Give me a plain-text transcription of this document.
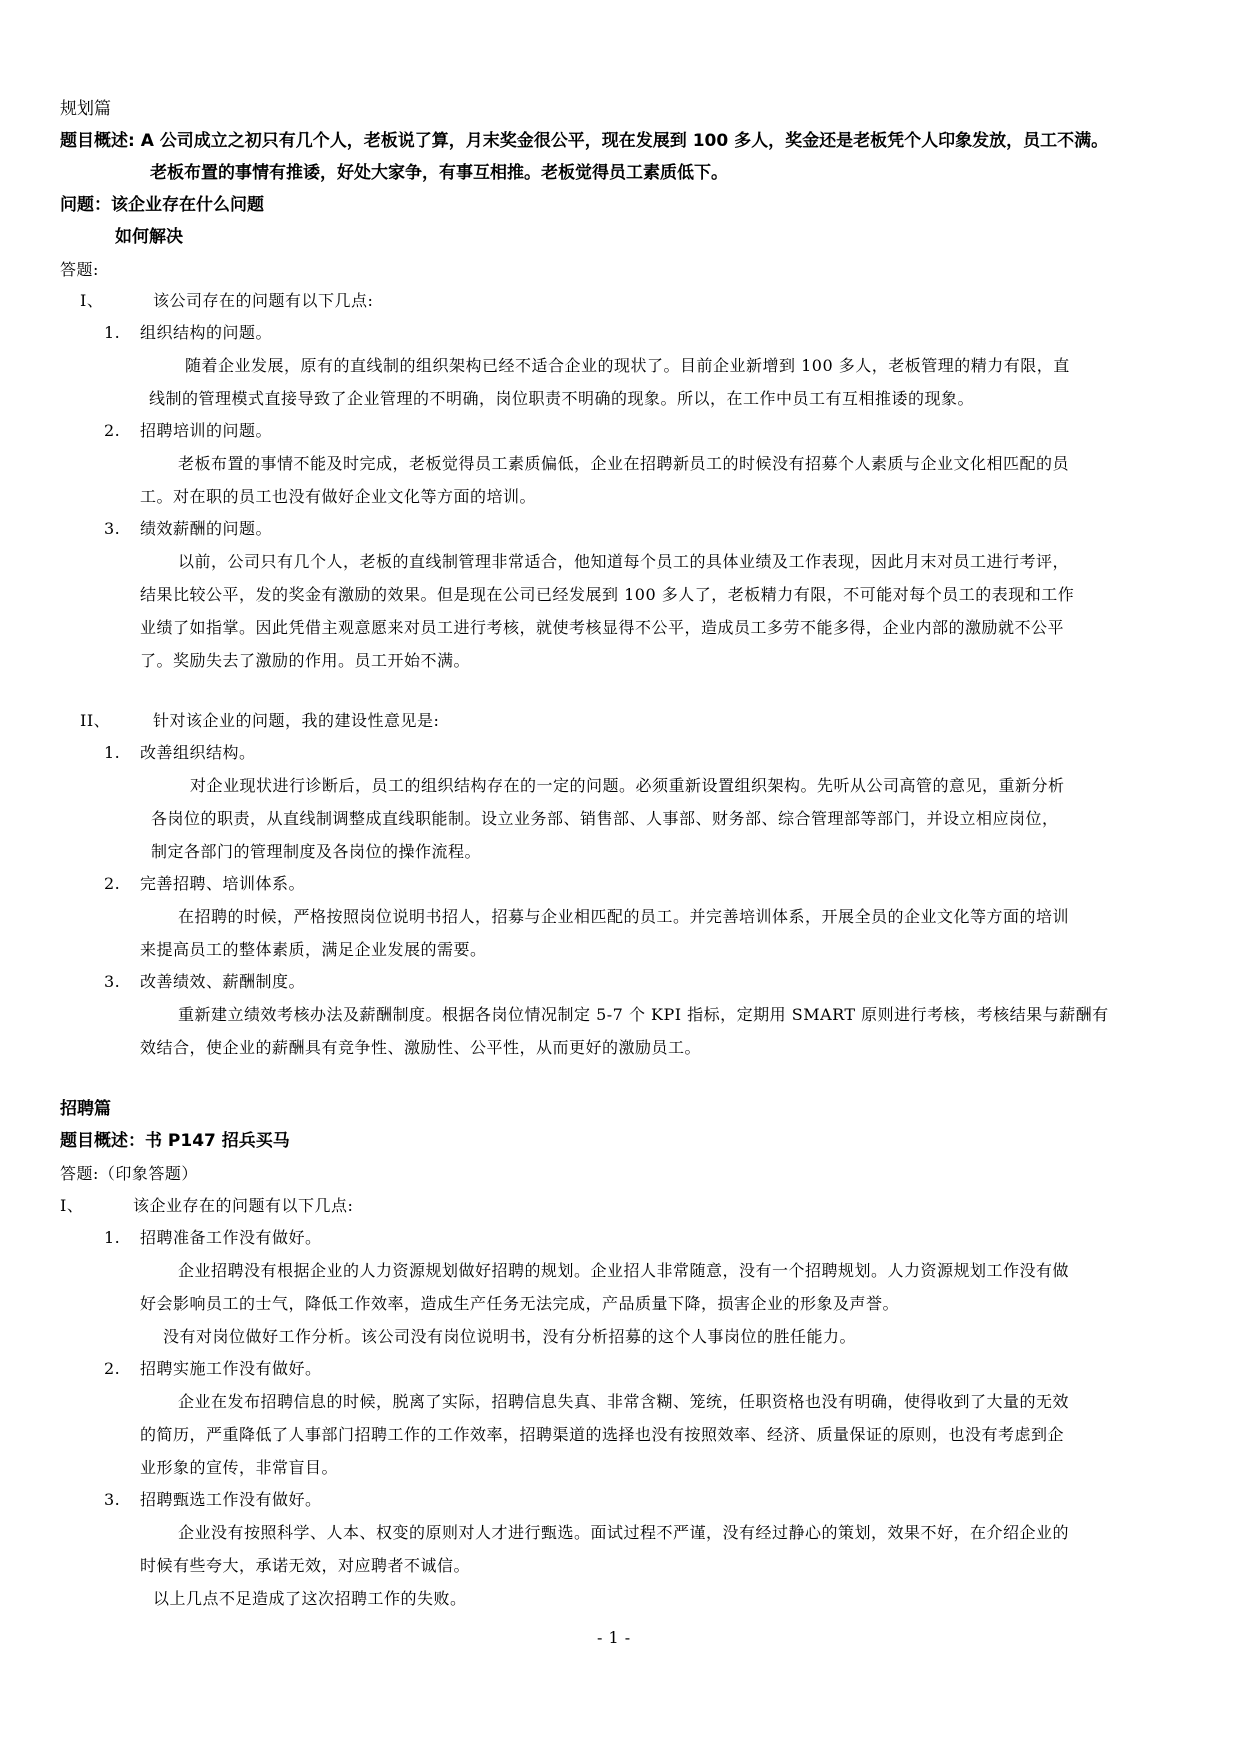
规划篇
题目概述: A 公司成立之初只有几个人，老板说了算，月末奖金很公平，现在发展到 100 多人，奖金还是老板凭个人印象发放，员工不满。
老板布置的事情有推诿，好处大家争，有事互相推。老板觉得员工素质低下。
问题：该企业存在什么问题
如何解决
答题:
I、	该公司存在的问题有以下几点:
1. 组织结构的问题。
随着企业发展，原有的直线制的组织架构已经不适合企业的现状了。目前企业新增到 100 多人，老板管理的精力有限，直
线制的管理模式直接导致了企业管理的不明确，岗位职责不明确的现象。所以，在工作中员工有互相推诿的现象。
2. 招聘培训的问题。
老板布置的事情不能及时完成，老板觉得员工素质偏低，企业在招聘新员工的时候没有招募个人素质与企业文化相匹配的员
工。对在职的员工也没有做好企业文化等方面的培训。
3. 绩效薪酬的问题。
以前，公司只有几个人，老板的直线制管理非常适合，他知道每个员工的具体业绩及工作表现，因此月末对员工进行考评，
结果比较公平，发的奖金有激励的效果。但是现在公司已经发展到 100 多人了，老板精力有限，不可能对每个员工的表现和工作
业绩了如指掌。因此凭借主观意愿来对员工进行考核，就使考核显得不公平，造成员工多劳不能多得，企业内部的激励就不公平
了。奖励失去了激励的作用。员工开始不满。
II、	针对该企业的问题，我的建设性意见是:
1. 改善组织结构。
对企业现状进行诊断后，员工的组织结构存在的一定的问题。必须重新设置组织架构。先听从公司高管的意见，重新分析
各岗位的职责，从直线制调整成直线职能制。设立业务部、销售部、人事部、财务部、综合管理部等部门，并设立相应岗位，
制定各部门的管理制度及各岗位的操作流程。
2. 完善招聘、培训体系。
在招聘的时候，严格按照岗位说明书招人，招募与企业相匹配的员工。并完善培训体系，开展全员的企业文化等方面的培训
来提高员工的整体素质，满足企业发展的需要。
3. 改善绩效、薪酬制度。
重新建立绩效考核办法及薪酬制度。根据各岗位情况制定 5-7 个 KPI 指标，定期用 SMART 原则进行考核，考核结果与薪酬有
效结合，使企业的薪酬具有竞争性、激励性、公平性，从而更好的激励员工。
招聘篇
题目概述：书 P147 招兵买马
答题:（印象答题）
I、	该企业存在的问题有以下几点:
1. 招聘准备工作没有做好。
企业招聘没有根据企业的人力资源规划做好招聘的规划。企业招人非常随意，没有一个招聘规划。人力资源规划工作没有做
好会影响员工的士气，降低工作效率，造成生产任务无法完成，产品质量下降，损害企业的形象及声誉。
没有对岗位做好工作分析。该公司没有岗位说明书，没有分析招募的这个人事岗位的胜任能力。
2. 招聘实施工作没有做好。
企业在发布招聘信息的时候，脱离了实际，招聘信息失真、非常含糊、笼统，任职资格也没有明确，使得收到了大量的无效
的简历，严重降低了人事部门招聘工作的工作效率，招聘渠道的选择也没有按照效率、经济、质量保证的原则，也没有考虑到企
业形象的宣传，非常盲目。
3. 招聘甄选工作没有做好。
企业没有按照科学、人本、权变的原则对人才进行甄选。面试过程不严谨，没有经过静心的策划，效果不好，在介绍企业的
时候有些夸大，承诺无效，对应聘者不诚信。
以上几点不足造成了这次招聘工作的失败。
- 1 -
